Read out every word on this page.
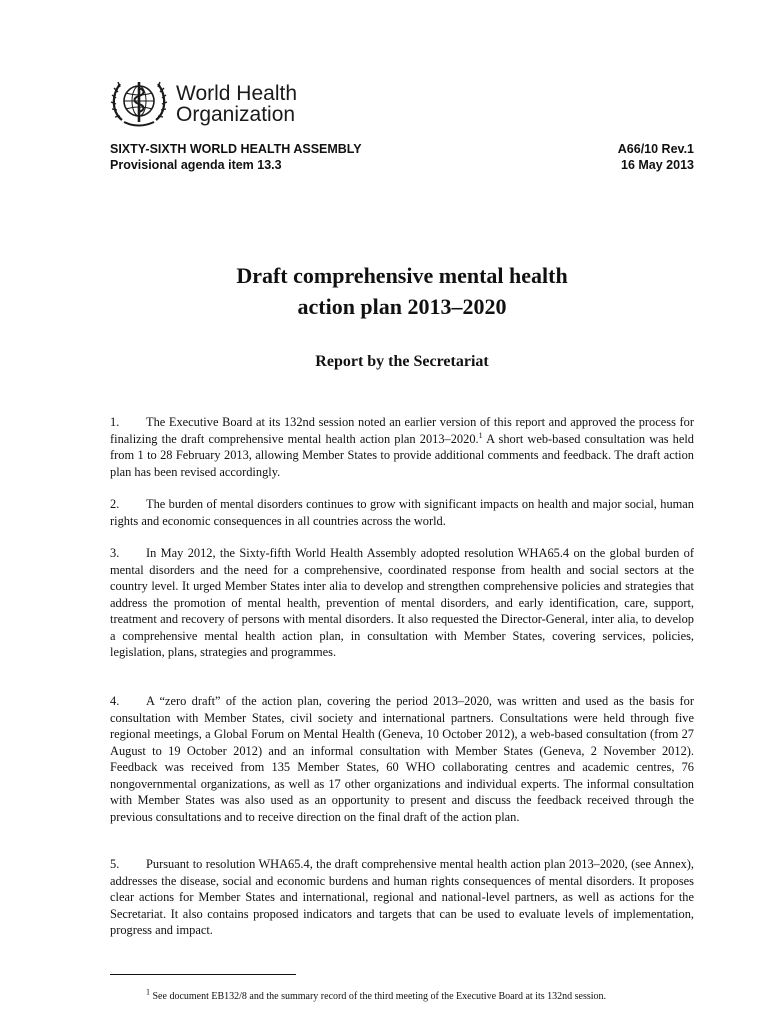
World Health
Organization
SIXTY-SIXTH WORLD HEALTH ASSEMBLY	A66/10 Rev.1
Provisional agenda item 13.3	16 May 2013
Draft comprehensive mental health
action plan 2013–2020
Report by the Secretariat

1. The Executive Board at its 132nd session noted an earlier version of this report and approved the process for finalizing the draft comprehensive mental health action plan 2013–2020.$^1$ A short web-based consultation was held from 1 to 28 February 2013, allowing Member States to provide additional comments and feedback. The draft action plan has been revised accordingly.

2. The burden of mental disorders continues to grow with significant impacts on health and major social, human rights and economic consequences in all countries across the world.

3. In May 2012, the Sixty-fifth World Health Assembly adopted resolution WHA65.4 on the global burden of mental disorders and the need for a comprehensive, coordinated response from health and social sectors at the country level. It urged Member States inter alia to develop and strengthen comprehensive policies and strategies that address the promotion of mental health, prevention of mental disorders, and early identification, care, support, treatment and recovery of persons with mental disorders. It also requested the Director-General, inter alia, to develop a comprehensive mental health action plan, in consultation with Member States, covering services, policies, legislation, plans, strategies and programmes.

4. A “zero draft” of the action plan, covering the period 2013–2020, was written and used as the basis for consultation with Member States, civil society and international partners. Consultations were held through five regional meetings, a Global Forum on Mental Health (Geneva, 10 October 2012), a web-based consultation (from 27 August to 19 October 2012) and an informal consultation with Member States (Geneva, 2 November 2012). Feedback was received from 135 Member States, 60 WHO collaborating centres and academic centres, 76 nongovernmental organizations, as well as 17 other organizations and individual experts. The informal consultation with Member States was also used as an opportunity to present and discuss the feedback received through the previous consultations and to receive direction on the final draft of the action plan.

5. Pursuant to resolution WHA65.4, the draft comprehensive mental health action plan 2013–2020, (see Annex), addresses the disease, social and economic burdens and human rights consequences of mental disorders. It proposes clear actions for Member States and international, regional and national-level partners, as well as actions for the Secretariat. It also contains proposed indicators and targets that can be used to evaluate levels of implementation, progress and impact.

$^1$ See document EB132/8 and the summary record of the third meeting of the Executive Board at its 132nd session.
